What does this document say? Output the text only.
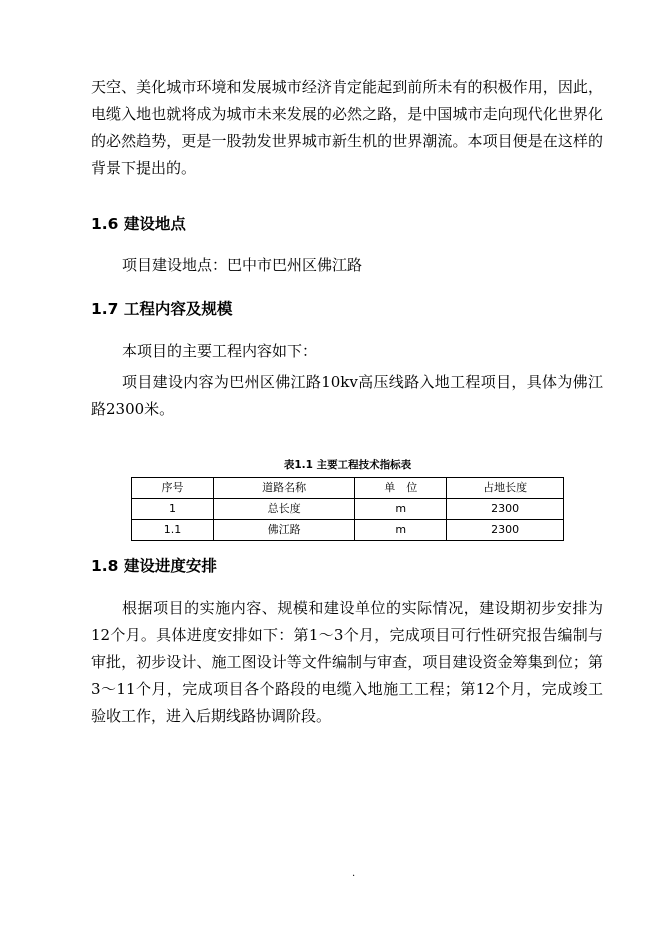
天空、美化城市环境和发展城市经济肯定能起到前所未有的积极作用，因此，电缆入地也就将成为城市未来发展的必然之路，是中国城市走向现代化世界化的必然趋势，更是一股勃发世界城市新生机的世界潮流。本项目便是在这样的背景下提出的。

1.6 建设地点

项目建设地点：巴中市巴州区佛江路

1.7 工程内容及规模

本项目的主要工程内容如下：

项目建设内容为巴州区佛江路10kv高压线路入地工程项目，具体为佛江路2300米。

表1.1 主要工程技术指标表

序号	道路名称	单　位	占地长度
1	总长度	m	2300
1.1	佛江路	m	2300
1.8 建设进度安排

根据项目的实施内容、规模和建设单位的实际情况，建设期初步安排为12个月。具体进度安排如下：第1～3个月，完成项目可行性研究报告编制与审批，初步设计、施工图设计等文件编制与审查，项目建设资金筹集到位；第3～11个月，完成项目各个路段的电缆入地施工工程；第12个月，完成竣工验收工作，进入后期线路协调阶段。

.
